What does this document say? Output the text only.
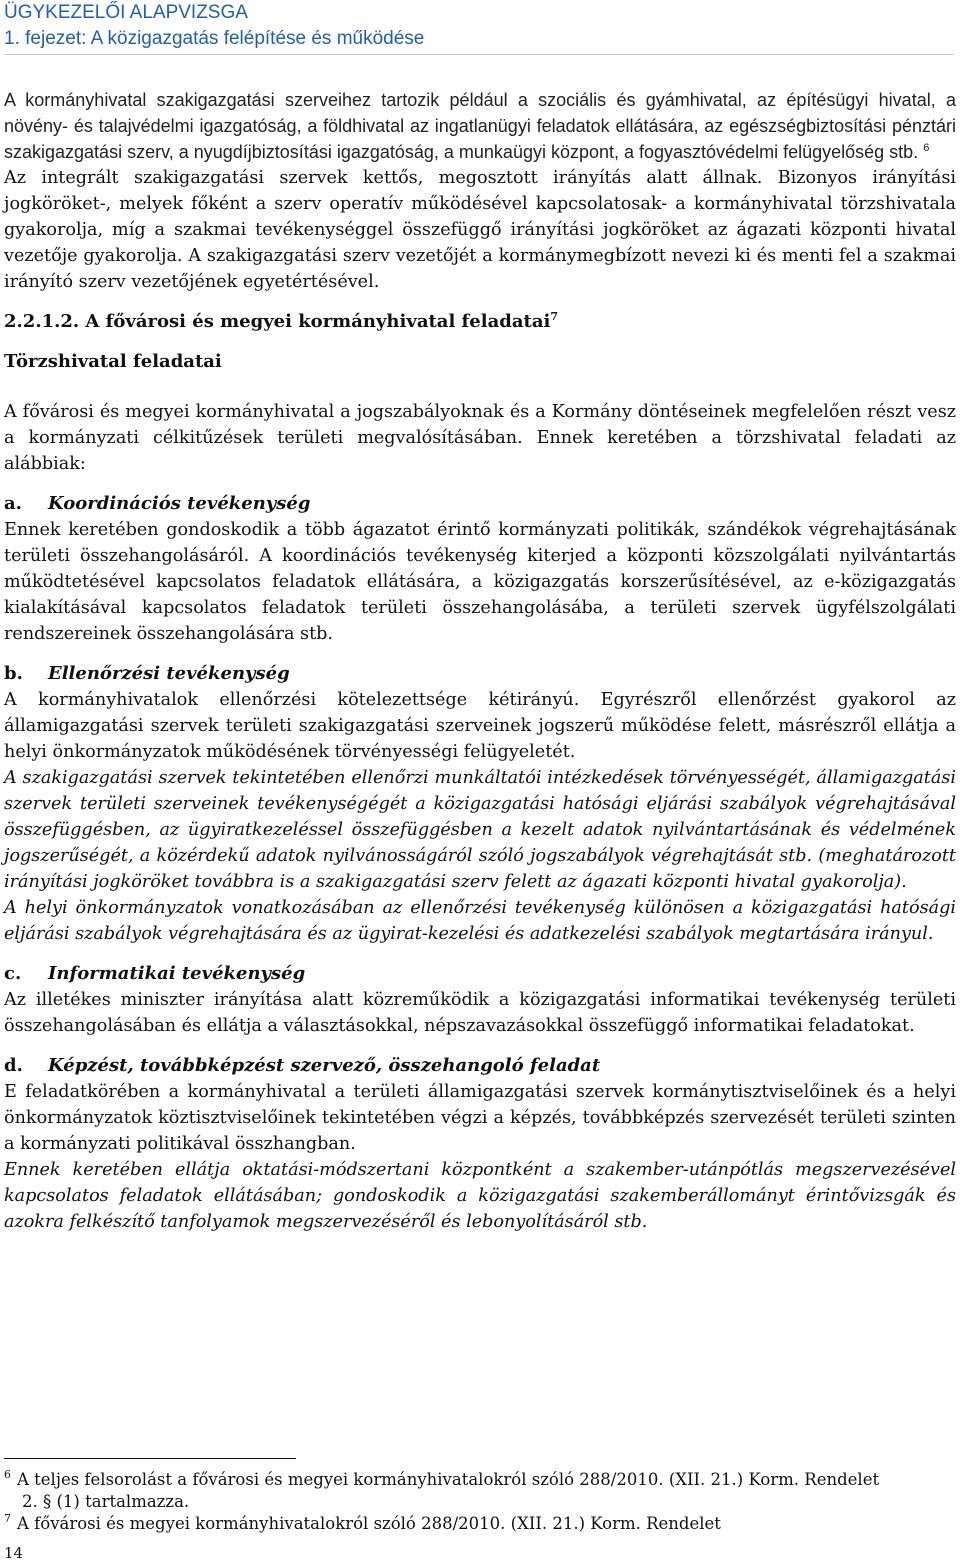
ÜGYKEZELŐI ALAPVIZSGA
1. fejezet: A közigazgatás felépítése és működése

A kormányhivatal szakigazgatási szerveihez tartozik például a szociális és gyámhivatal, az építésügyi hivatal, a növény- és talajvédelmi igazgatóság, a földhivatal az ingatlanügyi feladatok ellátására, az egészségbiztosítási pénztári szakigazgatási szerv, a nyugdíjbiztosítási igazgatóság, a munkaügyi központ, a fogyasztóvédelmi felügyelőség stb. $^6$

Az integrált szakigazgatási szervek kettős, megosztott irányítás alatt állnak. Bizonyos irányítási jogköröket-, melyek főként a szerv operatív működésével kapcsolatosak- a kormányhivatal törzshivatala gyakorolja, míg a szakmai tevékenységgel összefüggő irányítási jogköröket az ágazati központi hivatal vezetője gyakorolja. A szakigazgatási szerv vezetőjét a kormánymegbízott nevezi ki és menti fel a szakmai irányító szerv vezetőjének egyetértésével.

2.2.1.2. A fővárosi és megyei kormányhivatal feladatai$^7$

Törzshivatal feladatai

A fővárosi és megyei kormányhivatal a jogszabályoknak és a Kormány döntéseinek megfelelően részt vesz a kormányzati célkitűzések területi megvalósításában. Ennek keretében a törzshivatal feladati az alábbiak:

a. Koordinációs tevékenység

Ennek keretében gondoskodik a több ágazatot érintő kormányzati politikák, szándékok végrehajtásának területi összehangolásáról. A koordinációs tevékenység kiterjed a központi közszolgálati nyilvántartás működtetésével kapcsolatos feladatok ellátására, a közigazgatás korszerűsítésével, az e-közigazgatás kialakításával kapcsolatos feladatok területi összehangolásába, a területi szervek ügyfélszolgálati rendszereinek összehangolására stb.

b. Ellenőrzési tevékenység

A kormányhivatalok ellenőrzési kötelezettsége kétirányú. Egyrészről ellenőrzést gyakorol az államigazgatási szervek területi szakigazgatási szerveinek jogszerű működése felett, másrészről ellátja a helyi önkormányzatok működésének törvényességi felügyeletét.

A szakigazgatási szervek tekintetében ellenőrzi munkáltatói intézkedések törvényességét, államigazgatási szervek területi szerveinek tevékenységégét a közigazgatási hatósági eljárási szabályok végrehajtásával összefüggésben, az ügyiratkezeléssel összefüggésben a kezelt adatok nyilvántartásának és védelmének jogszerűségét, a közérdekű adatok nyilvánosságáról szóló jogszabályok végrehajtását stb. (meghatározott irányítási jogköröket továbbra is a szakigazgatási szerv felett az ágazati központi hivatal gyakorolja).

A helyi önkormányzatok vonatkozásában az ellenőrzési tevékenység különösen a közigazgatási hatósági eljárási szabályok végrehajtására és az ügyirat-kezelési és adatkezelési szabályok megtartására irányul.

c. Informatikai tevékenység

Az illetékes miniszter irányítása alatt közreműködik a közigazgatási informatikai tevékenység területi összehangolásában és ellátja a választásokkal, népszavazásokkal összefüggő informatikai feladatokat.

d. Képzést, továbbképzést szervező, összehangoló feladat

E feladatkörében a kormányhivatal a területi államigazgatási szervek kormánytisztviselőinek és a helyi önkormányzatok köztisztviselőinek tekintetében végzi a képzés, továbbképzés szervezését területi szinten a kormányzati politikával összhangban.

Ennek keretében ellátja oktatási-módszertani központként a szakember-utánpótlás megszervezésével kapcsolatos feladatok ellátásában; gondoskodik a közigazgatási szakemberállományt érintővizsgák és azokra felkészítő tanfolyamok megszervezéséről és lebonyolításáról stb.

$^6$ A teljes felsorolást a fővárosi és megyei kormányhivatalokról szóló 288/2010. (XII. 21.) Korm. Rendelet

2. § (1) tartalmazza.

$^7$ A fővárosi és megyei kormányhivatalokról szóló 288/2010. (XII. 21.) Korm. Rendelet

14
